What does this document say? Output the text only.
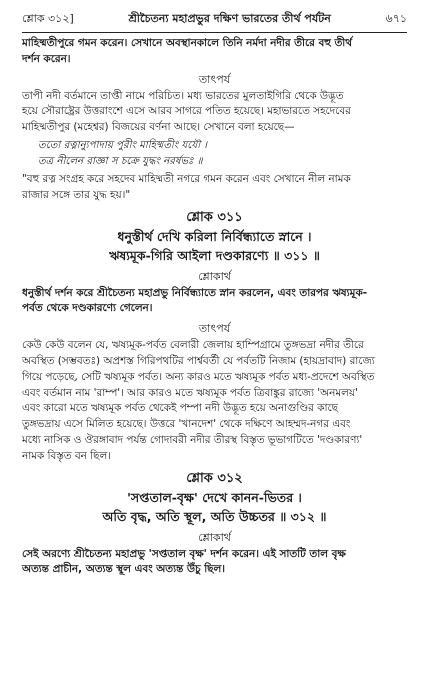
শ্লোক ৩১২]	শ্রীচৈতন্য মহাপ্রভুর দক্ষিণ ভারতের তীর্থ পর্যটন	৬৭১

মাহিষ্মতীপুরে গমন করেন। সেখানে অবস্থানকালে তিনি নর্মদা নদীর তীরে বহু তীর্থ

দর্শন করেন।

তাৎপর্য

তাপী নদী বর্তমানে তাপ্তী নামে পরিচিত। মধ্য ভারতের মুলতাইগিরি থেকে উদ্ভূত

হয়ে সৌরাষ্ট্রের উত্তরাংশে এসে আরব সাগরে পতিত হয়েছে। মহাভারতে সহদেবের

মাহিষ্মতীপুর (মহেশ্বর) বিজয়ের বর্ণনা আছে। সেখানে বলা হয়েছে—

ততো রত্নান্যুপাদায় পুরীং মাহিষ্মতীং যযৌ ।

তত্র নীলেন রাজ্ঞা স চক্রে যুদ্ধং নরর্ষভঃ ॥

"বহু রত্ন সংগ্রহ করে সহদেব মাহিষ্মতী নগরে গমন করেন এবং সেখানে নীল নামক

রাজার সঙ্গে তার যুদ্ধ হয়।"

শ্লোক ৩১১

ধনুস্তীর্থ দেখি করিলা নির্বিন্ধ্যাতে স্নানে ।

ঋষ্যমূক-গিরি আইলা দণ্ডকারণ্যে ॥ ৩১১ ॥

শ্লোকার্থ

ধনুস্তীর্থ দর্শন করে শ্রীচৈতন্য মহাপ্রভু নির্বিন্ধ্যাতে স্নান করলেন, এবং তারপর ঋষ্যমূক-

পর্বত থেকে দণ্ডকারণ্যে গেলেন।

তাৎপর্য

কেউ কেউ বলেন যে, ঋষ্যমূক-পর্বত বেলারী জেলায় হাম্পিগ্রামে তুঙ্গভদ্রা নদীর তীরে

অবস্থিত (সম্ভবতঃ) অপ্রশস্ত গিরিপথটির পার্শ্ববর্তী যে পর্বতটি নিজাম (হায়দ্রাবাদ) রাজ্যে

গিয়ে পড়েছে, সেটি ঋষ্যমূক পর্বত। অন্য কারও মতে ঋষ্যমূক পর্বত মধ্য-প্রদেশে অবস্থিত

এবং বর্তমান নাম 'রাম্প'। আর কারও মতে ঋষ্যমূক পর্বত ত্রিবাঙ্কুর রাজ্যে 'অনমলয়'

এবং কারো মতে ঋষ্যমূক পর্বত থেকেই পম্পা নদী উদ্ভূত হয়ে অনাগুণ্ডির কাছে

তুঙ্গভদ্রায় এসে মিলিত হয়েছে। উত্তরে 'খানদেশ' থেকে দক্ষিণে আহম্মদ-নগর এবং

মধ্যে নাসিক ও ঔরঙ্গাবাদ পর্যন্ত গোদাবরী নদীর তীরস্থ বিস্তৃত ভূভাগটিতে 'দণ্ডকারণ্য'

নামক বিস্তৃত বন ছিল।

শ্লোক ৩১২

'সপ্ততাল-বৃক্ষ' দেখে কানন-ভিতর ।

অতি বৃদ্ধ, অতি স্থূল, অতি উচ্চতর ॥ ৩১২ ॥

শ্লোকার্থ

সেই অরণ্যে শ্রীচৈতন্য মহাপ্রভু 'সপ্ততাল বৃক্ষ' দর্শন করেন। এই সাতটি তাল বৃক্ষ

অত্যন্ত প্রাচীন, অত্যন্ত স্থূল এবং অত্যন্ত উঁচু ছিল।
